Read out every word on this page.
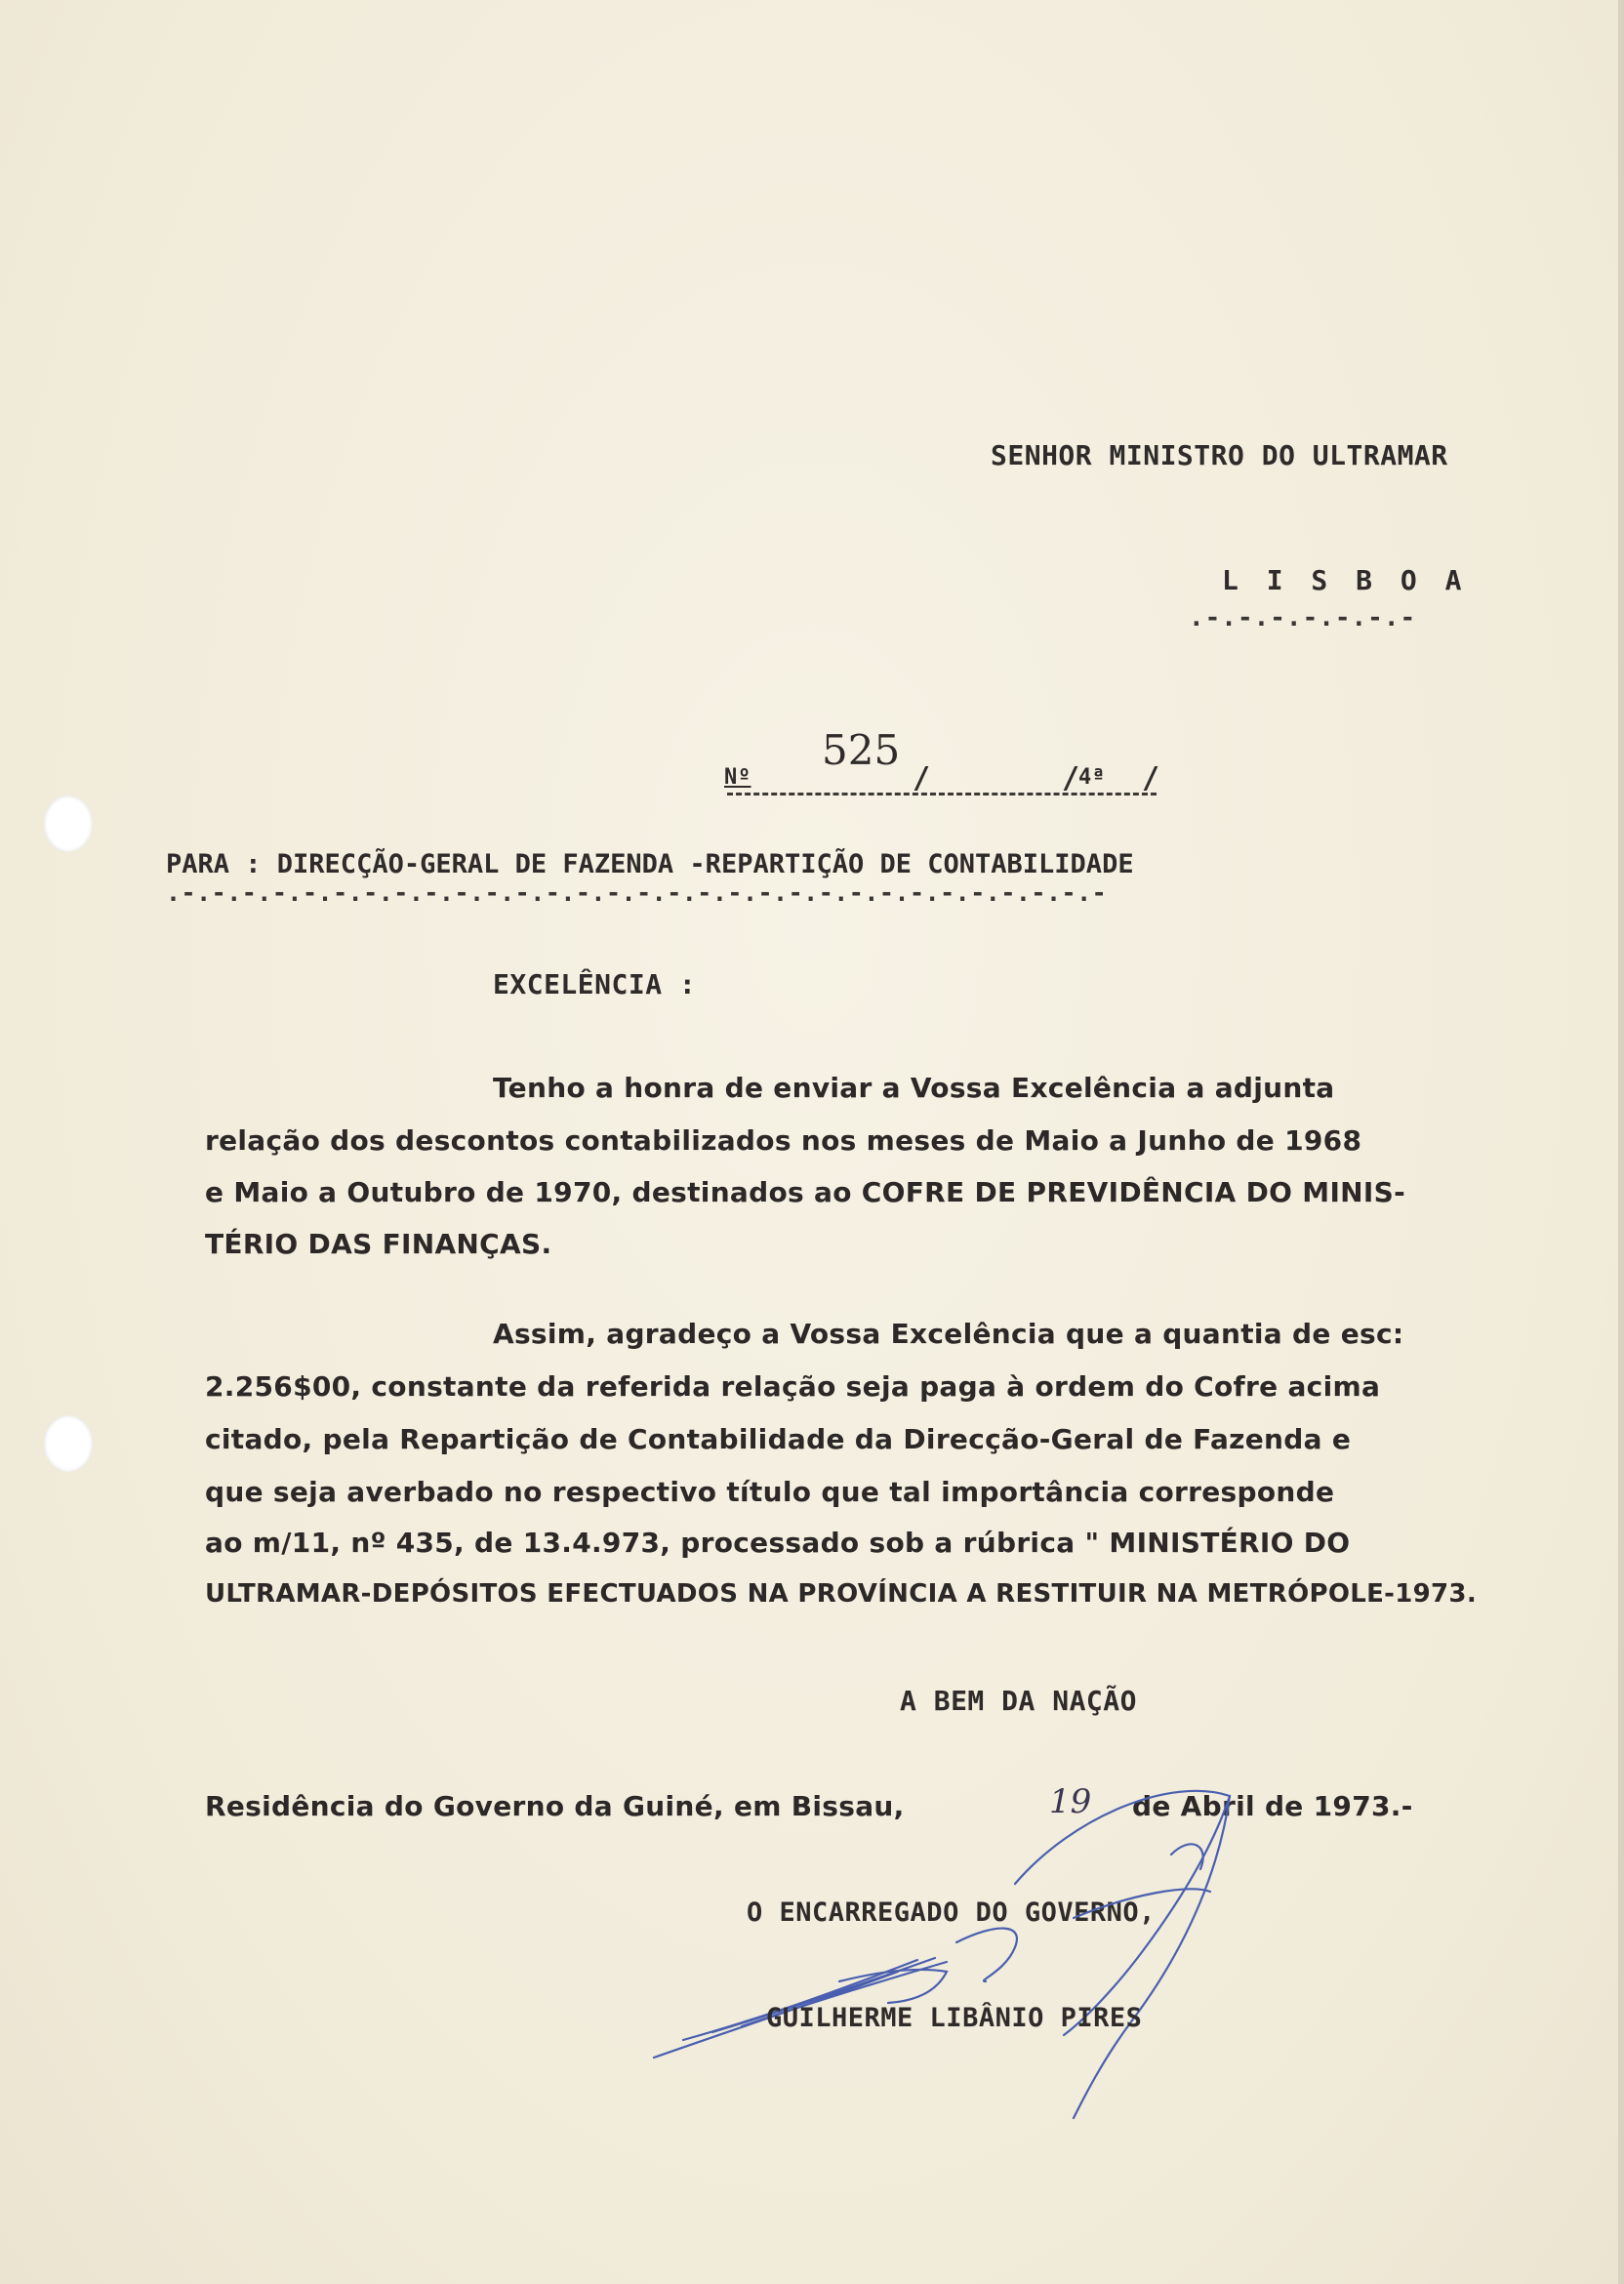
SENHOR MINISTRO DO ULTRAMAR
L I S B O A
.-.-.-.-.-.-.-
Nº
525
/	/
4ª /
PARA : DIRECÇÃO-GERAL DE FAZENDA -REPARTIÇÃO DE CONTABILIDADE
.-.-.-.-.-.-.-.-.-.-.-.-.-.-.-.-.-.-.-.-.-.-.-.-.-.-.-.-.-.-.-
EXCELÊNCIA :
Tenho a honra de enviar a Vossa Excelência a adjunta
relação dos descontos contabilizados nos meses de Maio a Junho de 1968
e Maio a Outubro de 1970, destinados ao COFRE DE PREVIDÊNCIA DO MINIS-
TÉRIO DAS FINANÇAS.
Assim, agradeço a Vossa Excelência que a quantia de esc:
2.256$00, constante da referida relação seja paga à ordem do Cofre acima
citado, pela Repartição de Contabilidade da Direcção-Geral de Fazenda e
que seja averbado no respectivo título que tal importância corresponde
ao m/11, nº 435, de 13.4.973, processado sob a rúbrica " MINISTÉRIO DO
ULTRAMAR-DEPÓSITOS EFECTUADOS NA PROVÍNCIA A RESTITUIR NA METRÓPOLE-1973.
A BEM DA NAÇÃO
Residência do Governo da Guiné, em Bissau,	19 de Abril de 1973.-
O ENCARREGADO DO GOVERNO,
GUILHERME LIBÂNIO PIRES
